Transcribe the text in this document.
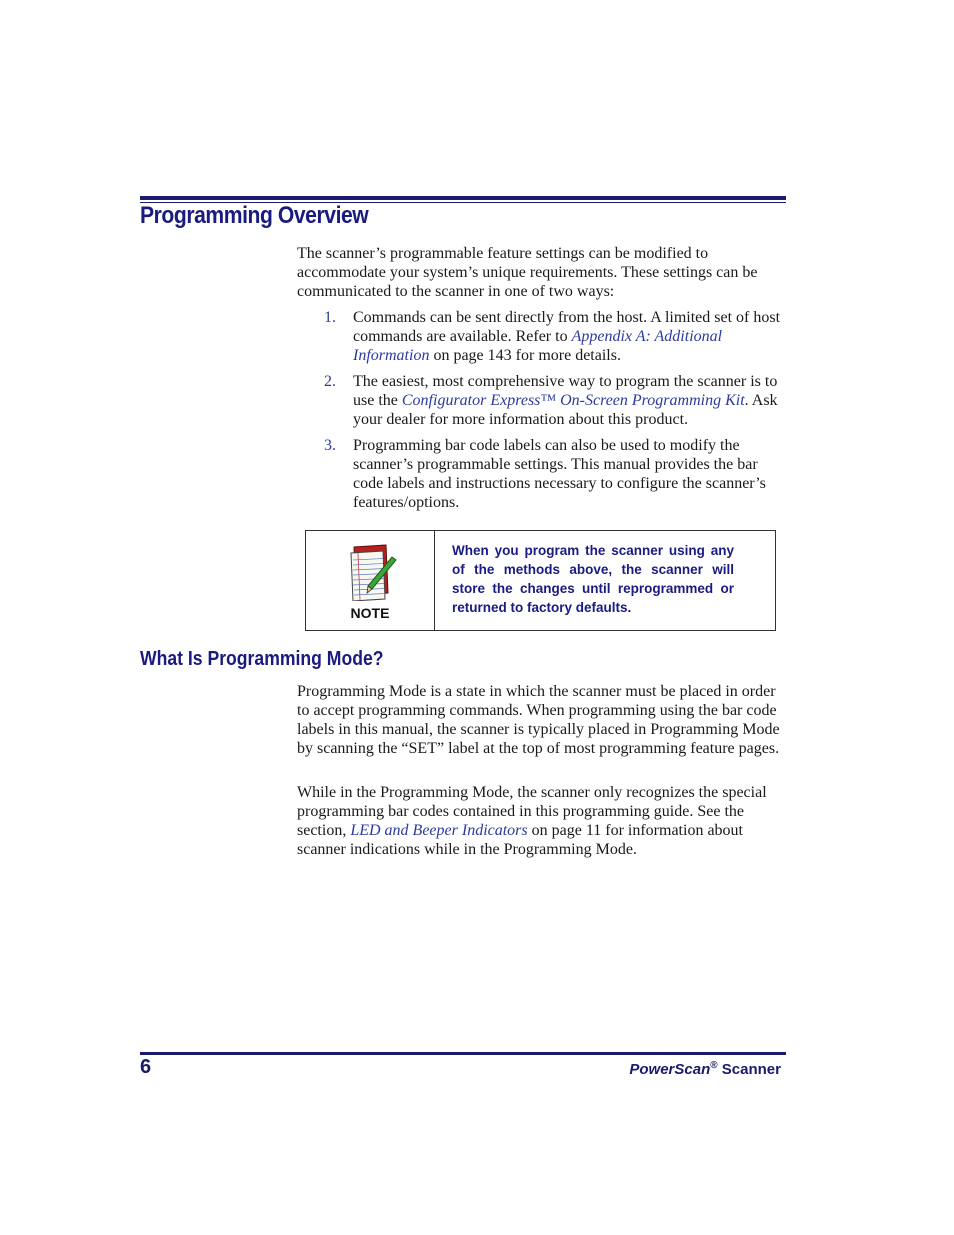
Programming Overview

The scanner’s programmable feature settings can be modified to accommodate your system’s unique requirements. These settings can be communicated to the scanner in one of two ways:

1. Commands can be sent directly from the host. A limited set of host commands are available. Refer to Appendix A: Additional Information on page 143 for more details.
2. The easiest, most comprehensive way to program the scanner is to use the Configurator Express™ On-Screen Programming Kit. Ask your dealer for more information about this product.
3. Programming bar code labels can also be used to modify the scanner’s programmable settings. This manual provides the bar code labels and instructions necessary to configure the scanner’s features/options.
NOTE
When you program the scanner using any of the methods above, the scanner will store the changes until reprogrammed or returned to factory defaults.
What Is Programming Mode?

Programming Mode is a state in which the scanner must be placed in order to accept programming commands. When programming using the bar code labels in this manual, the scanner is typically placed in Programming Mode by scanning the “SET” label at the top of most programming feature pages.

While in the Programming Mode, the scanner only recognizes the special programming bar codes contained in this programming guide. See the section, LED and Beeper Indicators on page 11 for information about scanner indications while in the Programming Mode.

6	PowerScan® Scanner
